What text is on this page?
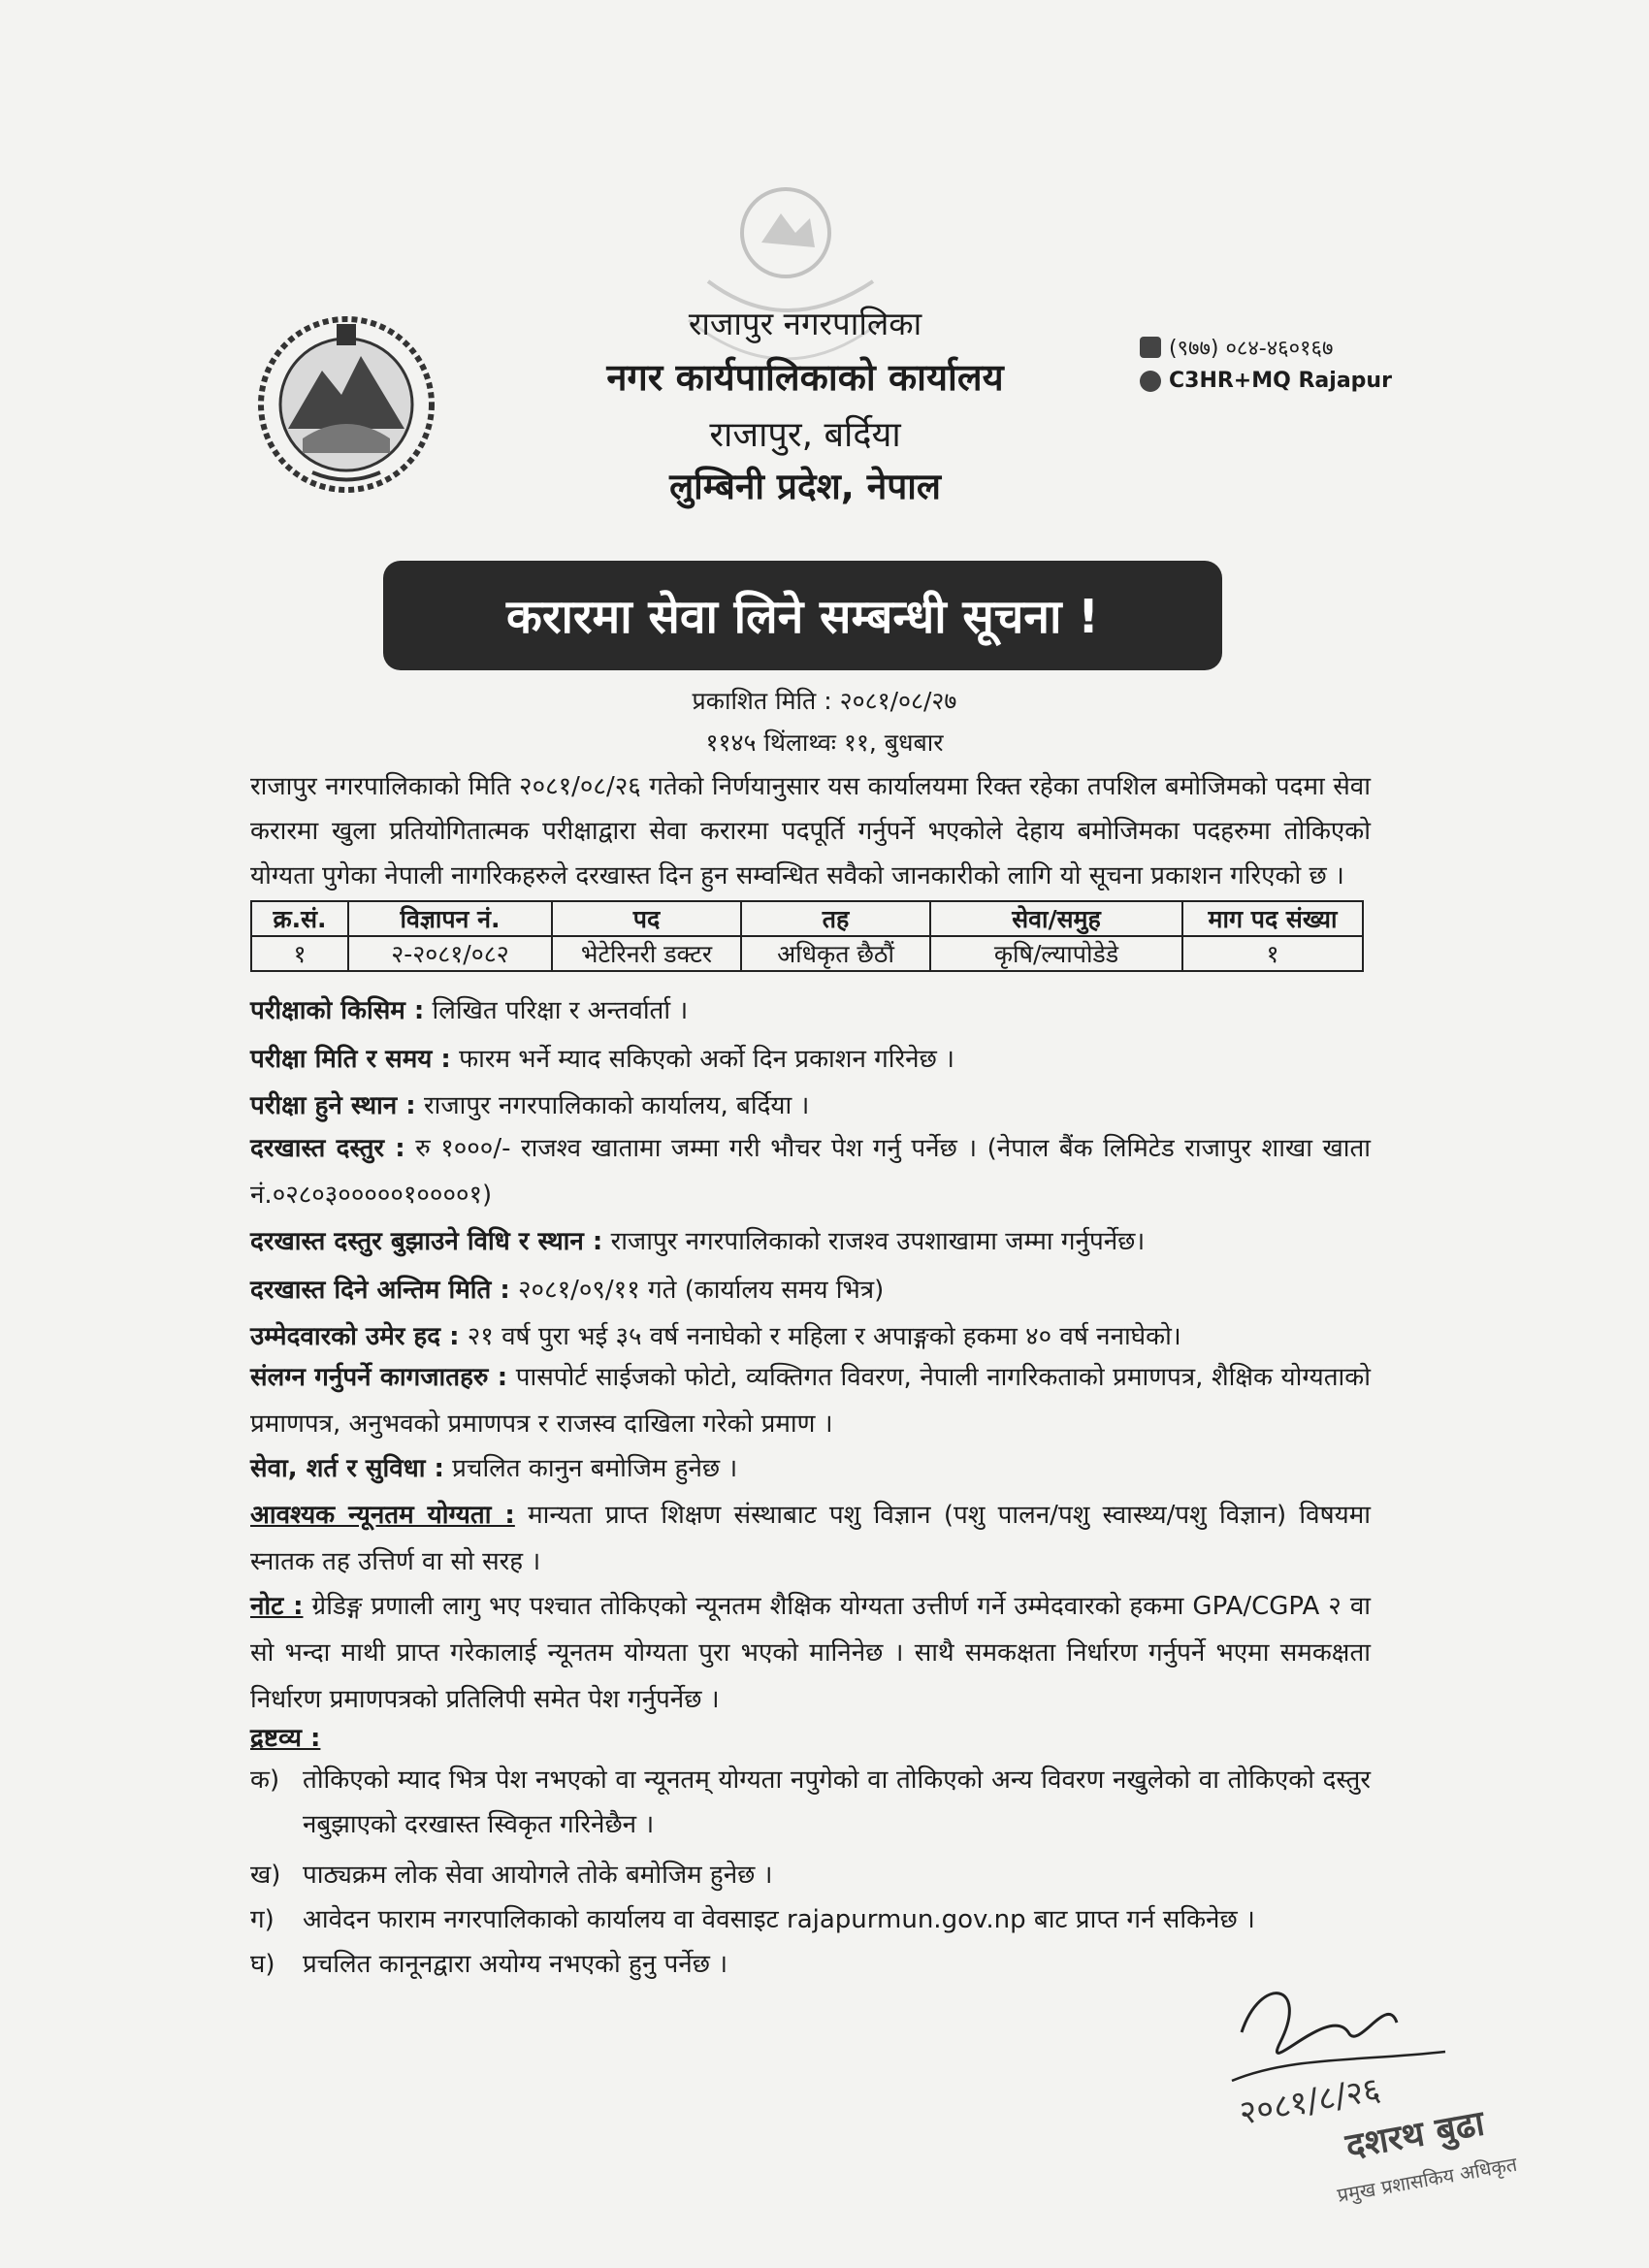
राजापुर नगरपालिका
नगर कार्यपालिकाको कार्यालय
राजापुर, बर्दिया
लुम्बिनी प्रदेश, नेपाल
(९७७) ०८४-४६०१६७
C3HR+MQ Rajapur
करारमा सेवा लिने सम्बन्धी सूचना !
प्रकाशित मिति : २०८१/०८/२७
११४५ थिंलाथ्वः ११, बुधबार
राजापुर नगरपालिकाको मिति २०८१/०८/२६ गतेको निर्णयानुसार यस कार्यालयमा रिक्त रहेका तपशिल बमोजिमको पदमा सेवा करारमा खुला प्रतियोगितात्मक परीक्षाद्वारा सेवा करारमा पदपूर्ति गर्नुपर्ने भएकोले देहाय बमोजिमका पदहरुमा तोकिएको योग्यता पुगेका नेपाली नागरिकहरुले दरखास्त दिन हुन सम्वन्धित सवैको जानकारीको लागि यो सूचना प्रकाशन गरिएको छ ।
क्र.सं.	विज्ञापन नं.	पद	तह	सेवा/समुह	माग पद संख्या
१	२-२०८१/०८२	भेटेरिनरी डक्टर	अधिकृत छैठौं	कृषि/ल्यापोडेडे	१
परीक्षाको किसिम : लिखित परिक्षा र अन्तर्वार्ता ।
परीक्षा मिति र समय : फारम भर्ने म्याद सकिएको अर्को दिन प्रकाशन गरिनेछ ।
परीक्षा हुने स्थान : राजापुर नगरपालिकाको कार्यालय, बर्दिया ।
दरखास्त दस्तुर : रु १०००/- राजश्व खातामा जम्मा गरी भौचर पेश गर्नु पर्नेछ । (नेपाल बैंक लिमिटेड राजापुर शाखा खाता नं.०२८०३०००००१००००१)
दरखास्त दस्तुर बुझाउने विधि र स्थान : राजापुर नगरपालिकाको राजश्व उपशाखामा जम्मा गर्नुपर्नेछ।
दरखास्त दिने अन्तिम मिति : २०८१/०९/११ गते (कार्यालय समय भित्र)
उम्मेदवारको उमेर हद : २१ वर्ष पुरा भई ३५ वर्ष ननाघेको र महिला र अपाङ्गको हकमा ४० वर्ष ननाघेको।
संलग्न गर्नुपर्ने कागजातहरु : पासपोर्ट साईजको फोटो, व्यक्तिगत विवरण, नेपाली नागरिकताको प्रमाणपत्र, शैक्षिक योग्यताको प्रमाणपत्र, अनुभवको प्रमाणपत्र र राजस्व दाखिला गरेको प्रमाण ।
सेवा, शर्त र सुविधा : प्रचलित कानुन बमोजिम हुनेछ ।
आवश्यक न्यूनतम योग्यता : मान्यता प्राप्त शिक्षण संस्थाबाट पशु विज्ञान (पशु पालन/पशु स्वास्थ्य/पशु विज्ञान) विषयमा स्नातक तह उत्तिर्ण वा सो सरह ।
नोट : ग्रेडिङ्ग प्रणाली लागु भए पश्चात तोकिएको न्यूनतम शैक्षिक योग्यता उत्तीर्ण गर्ने उम्मेदवारको हकमा GPA/CGPA २ वा सो भन्दा माथी प्राप्त गरेकालाई न्यूनतम योग्यता पुरा भएको मानिनेछ । साथै समकक्षता निर्धारण गर्नुपर्ने भएमा समकक्षता निर्धारण प्रमाणपत्रको प्रतिलिपी समेत पेश गर्नुपर्नेछ ।
द्रष्टव्य :
क) तोकिएको म्याद भित्र पेश नभएको वा न्यूनतम् योग्यता नपुगेको वा तोकिएको अन्य विवरण नखुलेको वा तोकिएको दस्तुर नबुझाएको दरखास्त स्विकृत गरिनेछैन ।
ख) पाठ्यक्रम लोक सेवा आयोगले तोके बमोजिम हुनेछ ।
ग)	आवेदन फाराम नगरपालिकाको कार्यालय वा वेवसाइट rajapurmun.gov.np बाट प्राप्त गर्न सकिनेछ ।
घ)	प्रचलित कानूनद्वारा अयोग्य नभएको हुनु पर्नेछ ।
२०८१/८/२६
दशरथ बुढा
प्रमुख प्रशासकिय अधिकृत
